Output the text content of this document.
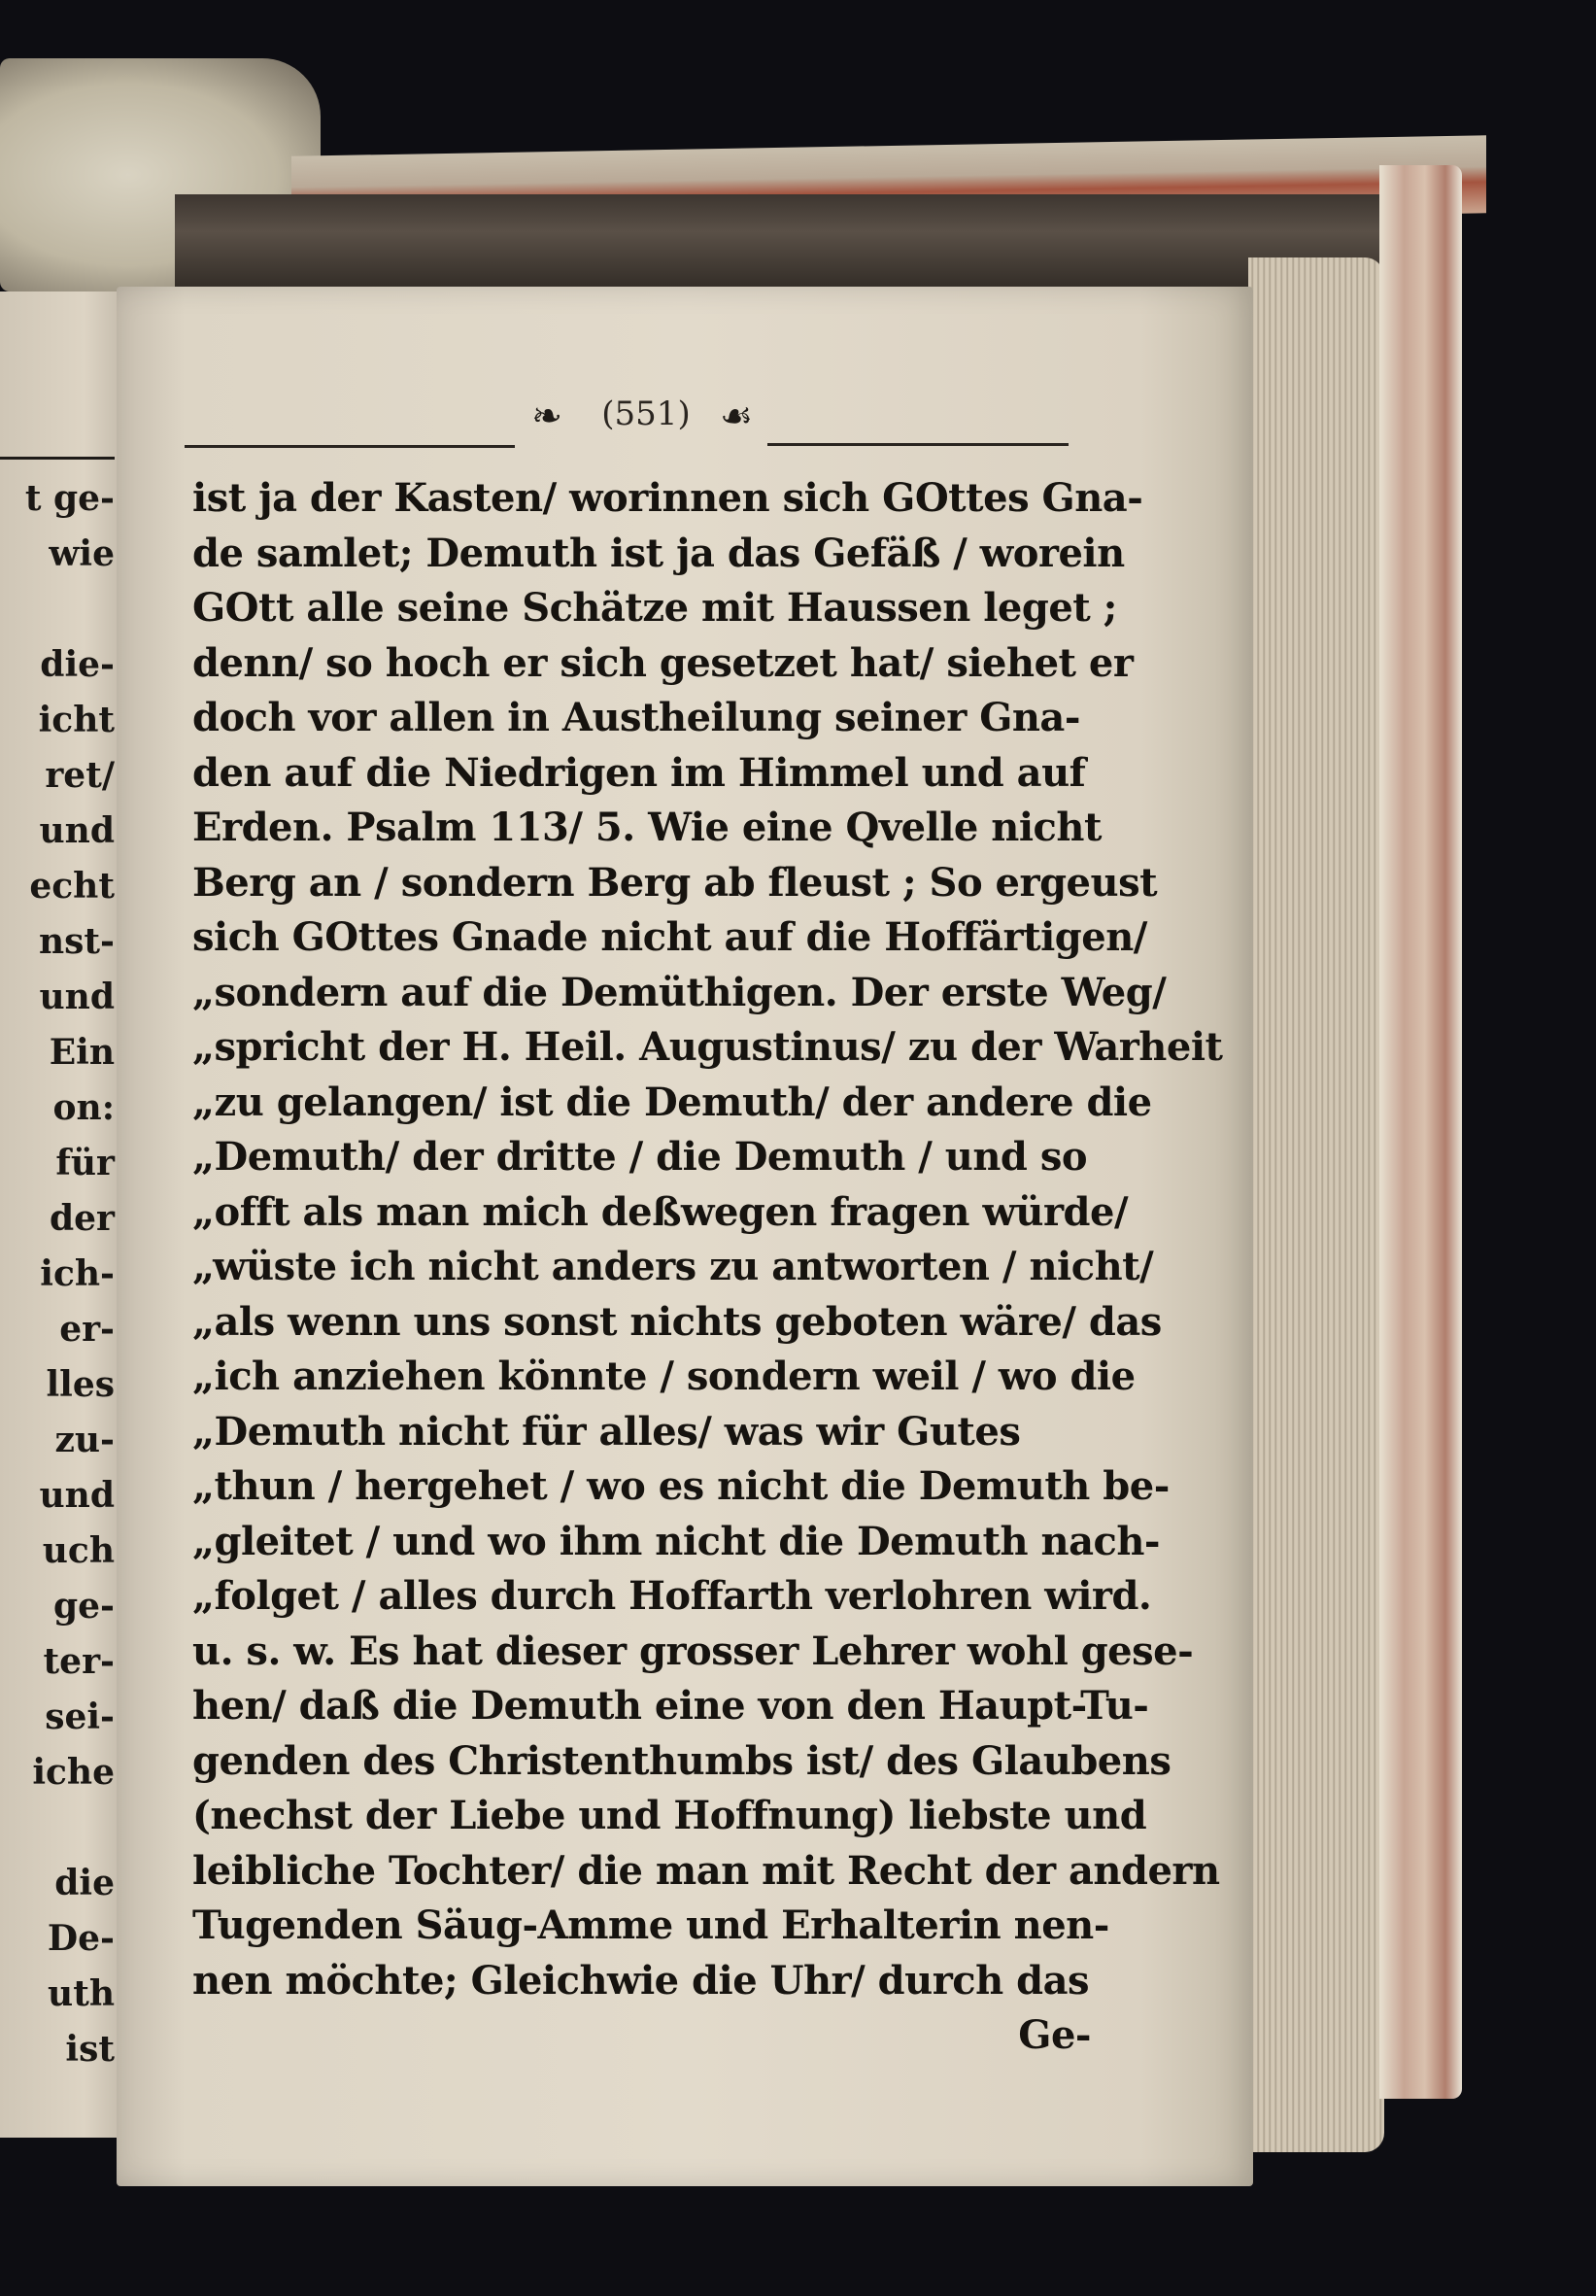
t ge-
wie

die-
icht
ret/
und
echt
nst-
und
Ein
on:
für
der
ich-
er-
lles
zu-
und
uch
ge-
ter-
sei-
iche

die
De-
uth
ist
❧	(551) ☙
ist ja der Kasten/ worinnen sich GOttes Gna-
de samlet; Demuth ist ja das Gefäß / worein
GOtt alle seine Schätze mit Haussen leget ;
denn/ so hoch er sich gesetzet hat/ siehet er
doch vor allen in Austheilung seiner Gna-
den auf die Niedrigen im Himmel und auf
Erden. Psalm 113/ 5. Wie eine Qvelle nicht
Berg an / sondern Berg ab fleust ; So ergeust
sich GOttes Gnade nicht auf die Hoffärtigen/
„sondern auf die Demüthigen. Der erste Weg/
„spricht der H. Heil. Augustinus/ zu der Warheit
„zu gelangen/ ist die Demuth/ der andere die
„Demuth/ der dritte / die Demuth / und so
„offt als man mich deßwegen fragen würde/
„wüste ich nicht anders zu antworten / nicht/
„als wenn uns sonst nichts geboten wäre/ das
„ich anziehen könnte / sondern weil / wo die
„Demuth nicht für alles/ was wir Gutes
„thun / hergehet / wo es nicht die Demuth be-
„gleitet / und wo ihm nicht die Demuth nach-
„folget / alles durch Hoffarth verlohren wird.
u. s. w. Es hat dieser grosser Lehrer wohl gese-
hen/ daß die Demuth eine von den Haupt-Tu-
genden des Christenthumbs ist/ des Glaubens
(nechst der Liebe und Hoffnung) liebste und
leibliche Tochter/ die man mit Recht der andern
Tugenden Säug-Amme und Erhalterin nen-
nen möchte; Gleichwie die Uhr/ durch das
Ge-
